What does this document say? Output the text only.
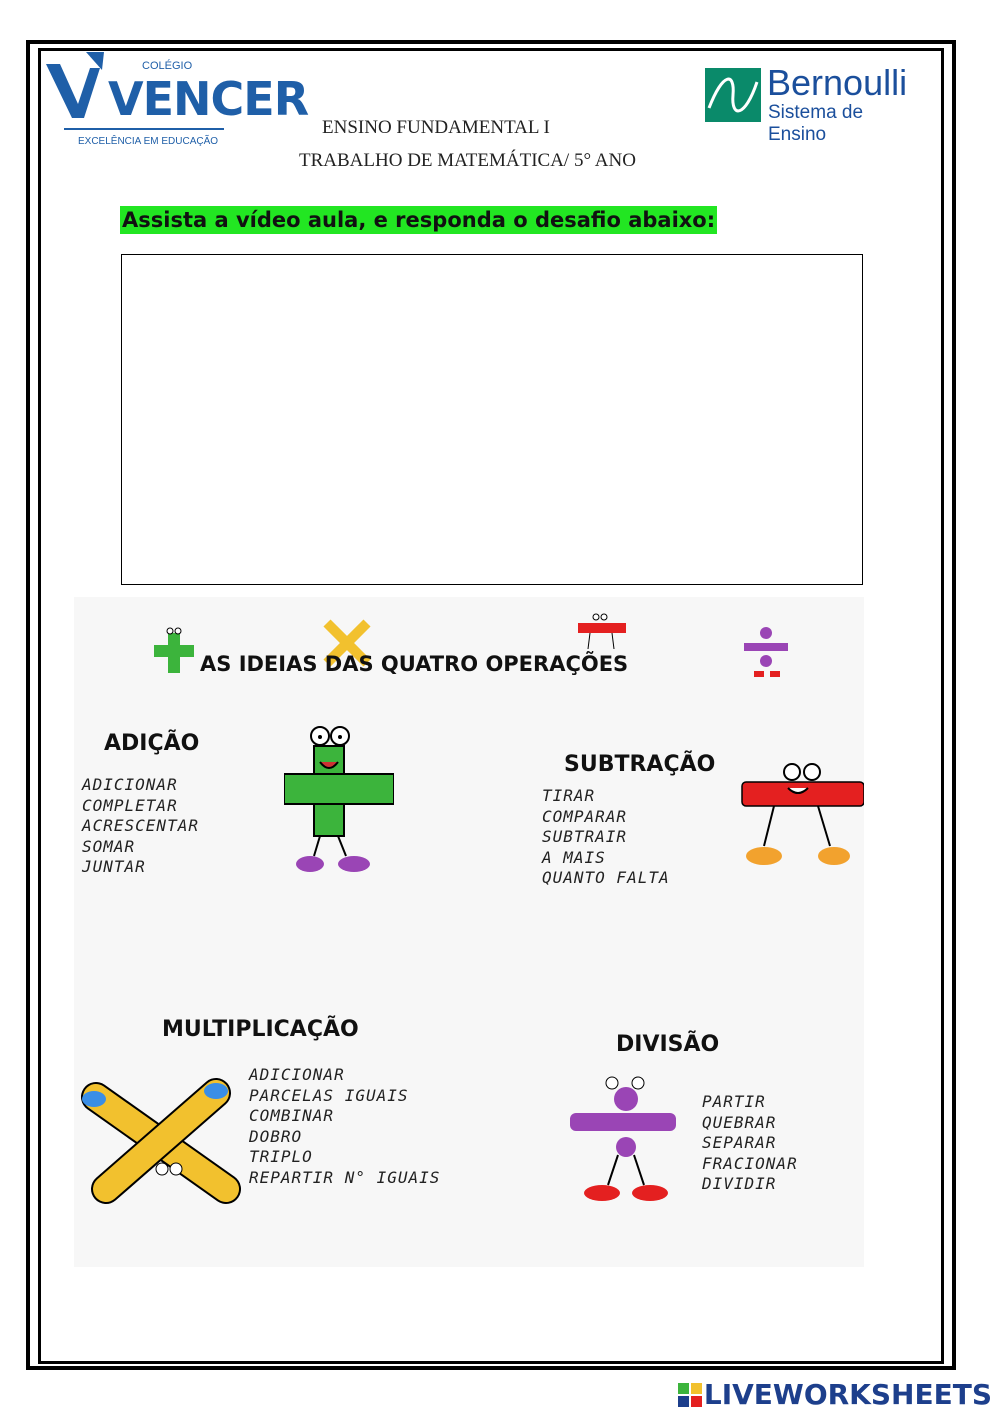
COLÉGIO
VENCER
EXCELÊNCIA EM EDUCAÇÃO
Bernoulli
Sistema de Ensino
ENSINO FUNDAMENTAL I
TRABALHO DE MATEMÁTICA/ 5° ANO
Assista a vídeo aula, e responda o desafio abaixo:
AS IDEIAS DAS QUATRO OPERAÇÕES
ADIÇÃO
ADICIONAR
COMPLETAR
ACRESCENTAR
SOMAR
JUNTAR
SUBTRAÇÃO
TIRAR
COMPARAR
SUBTRAIR
A MAIS
QUANTO FALTA
MULTIPLICAÇÃO
ADICIONAR
PARCELAS IGUAIS
COMBINAR
DOBRO
TRIPLO
REPARTIR N° IGUAIS
DIVISÃO
PARTIR
QUEBRAR
SEPARAR
FRACIONAR
DIVIDIR
LIVEWORKSHEETS
